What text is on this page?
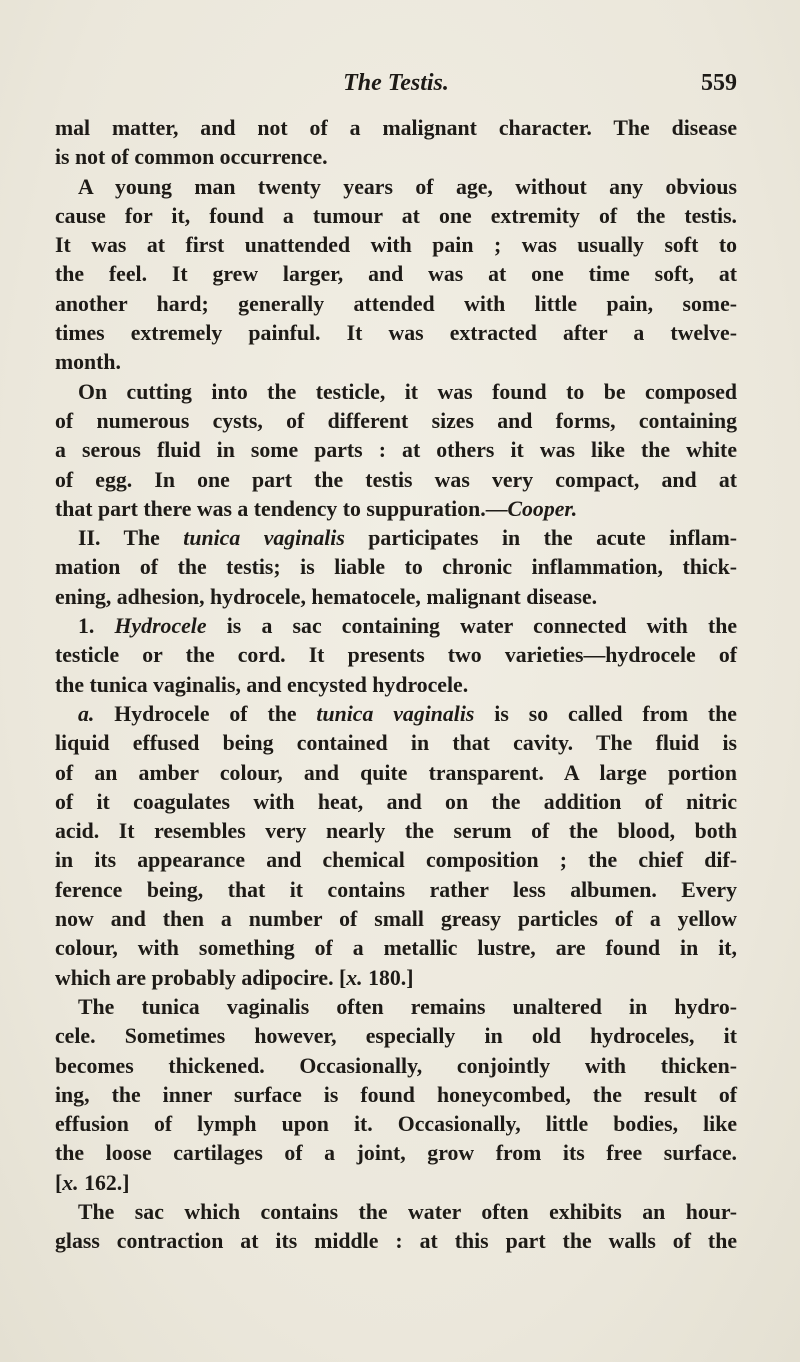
The Testis.	559
mal matter, and not of a malignant character. The disease
is not of common occurrence.
A young man twenty years of age, without any obvious
cause for it, found a tumour at one extremity of the testis.
It was at first unattended with pain ; was usually soft to
the feel. It grew larger, and was at one time soft, at
another hard; generally attended with little pain, some-
times extremely painful. It was extracted after a twelve-
month.
On cutting into the testicle, it was found to be composed
of numerous cysts, of different sizes and forms, containing
a serous fluid in some parts : at others it was like the white
of egg. In one part the testis was very compact, and at
that part there was a tendency to suppuration.—Cooper.
II. The tunica vaginalis participates in the acute inflam-
mation of the testis; is liable to chronic inflammation, thick-
ening, adhesion, hydrocele, hematocele, malignant disease.
1. Hydrocele is a sac containing water connected with the
testicle or the cord. It presents two varieties—hydrocele of
the tunica vaginalis, and encysted hydrocele.
a. Hydrocele of the tunica vaginalis is so called from the
liquid effused being contained in that cavity. The fluid is
of an amber colour, and quite transparent. A large portion
of it coagulates with heat, and on the addition of nitric
acid. It resembles very nearly the serum of the blood, both
in its appearance and chemical composition ; the chief dif-
ference being, that it contains rather less albumen. Every
now and then a number of small greasy particles of a yellow
colour, with something of a metallic lustre, are found in it,
which are probably adipocire. [x. 180.]
The tunica vaginalis often remains unaltered in hydro-
cele. Sometimes however, especially in old hydroceles, it
becomes thickened. Occasionally, conjointly with thicken-
ing, the inner surface is found honeycombed, the result of
effusion of lymph upon it. Occasionally, little bodies, like
the loose cartilages of a joint, grow from its free surface.
[x. 162.]
The sac which contains the water often exhibits an hour-
glass contraction at its middle : at this part the walls of the
